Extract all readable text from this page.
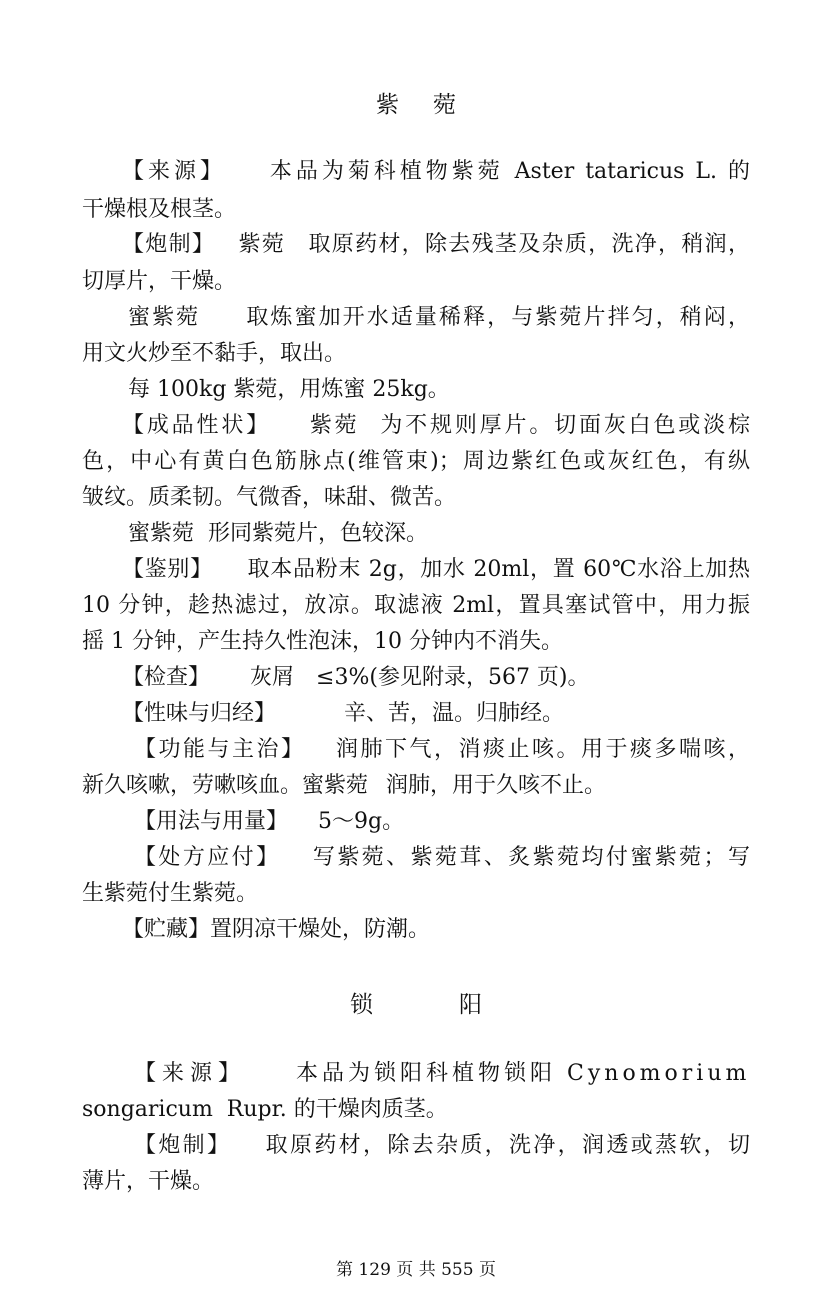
紫菀
【来源】 本品为菊科植物紫菀 Aster tataricus L. 的
干燥根及根茎。
【炮制】 紫菀 取原药材，除去残茎及杂质，洗净，稍润，
切厚片，干燥。
蜜紫菀 取炼蜜加开水适量稀释，与紫菀片拌匀，稍闷，
用文火炒至不黏手，取出。
每 100kg 紫菀，用炼蜜 25kg。
【成品性状】 紫菀 为不规则厚片。切面灰白色或淡棕
色，中心有黄白色筋脉点(维管束)；周边紫红色或灰红色，有纵
皱纹。质柔韧。气微香，味甜、微苦。
蜜紫菀 形同紫菀片，色较深。
【鉴别】 取本品粉末 2g，加水 20ml，置 60℃水浴上加热
10 分钟，趁热滤过，放凉。取滤液 2ml，置具塞试管中，用力振
摇 1 分钟，产生持久性泡沫，10 分钟内不消失。
【检查】 灰屑 ≤3%(参见附录，567 页)。
【性味与归经】	辛、苦，温。归肺经。
【功能与主治】 润肺下气，消痰止咳。用于痰多喘咳，
新久咳嗽，劳嗽咳血。蜜紫菀 润肺，用于久咳不止。
【用法与用量】 5～9g。
【处方应付】 写紫菀、紫菀茸、炙紫菀均付蜜紫菀；写
生紫菀付生紫菀。
【贮藏】置阴凉干燥处，防潮。
锁阳
【来源】 本品为锁阳科植物锁阳 Cynomorium
songaricum  Rupr. 的干燥肉质茎。
【炮制】 取原药材，除去杂质，洗净，润透或蒸软，切
薄片，干燥。
第 129 页 共 555 页
